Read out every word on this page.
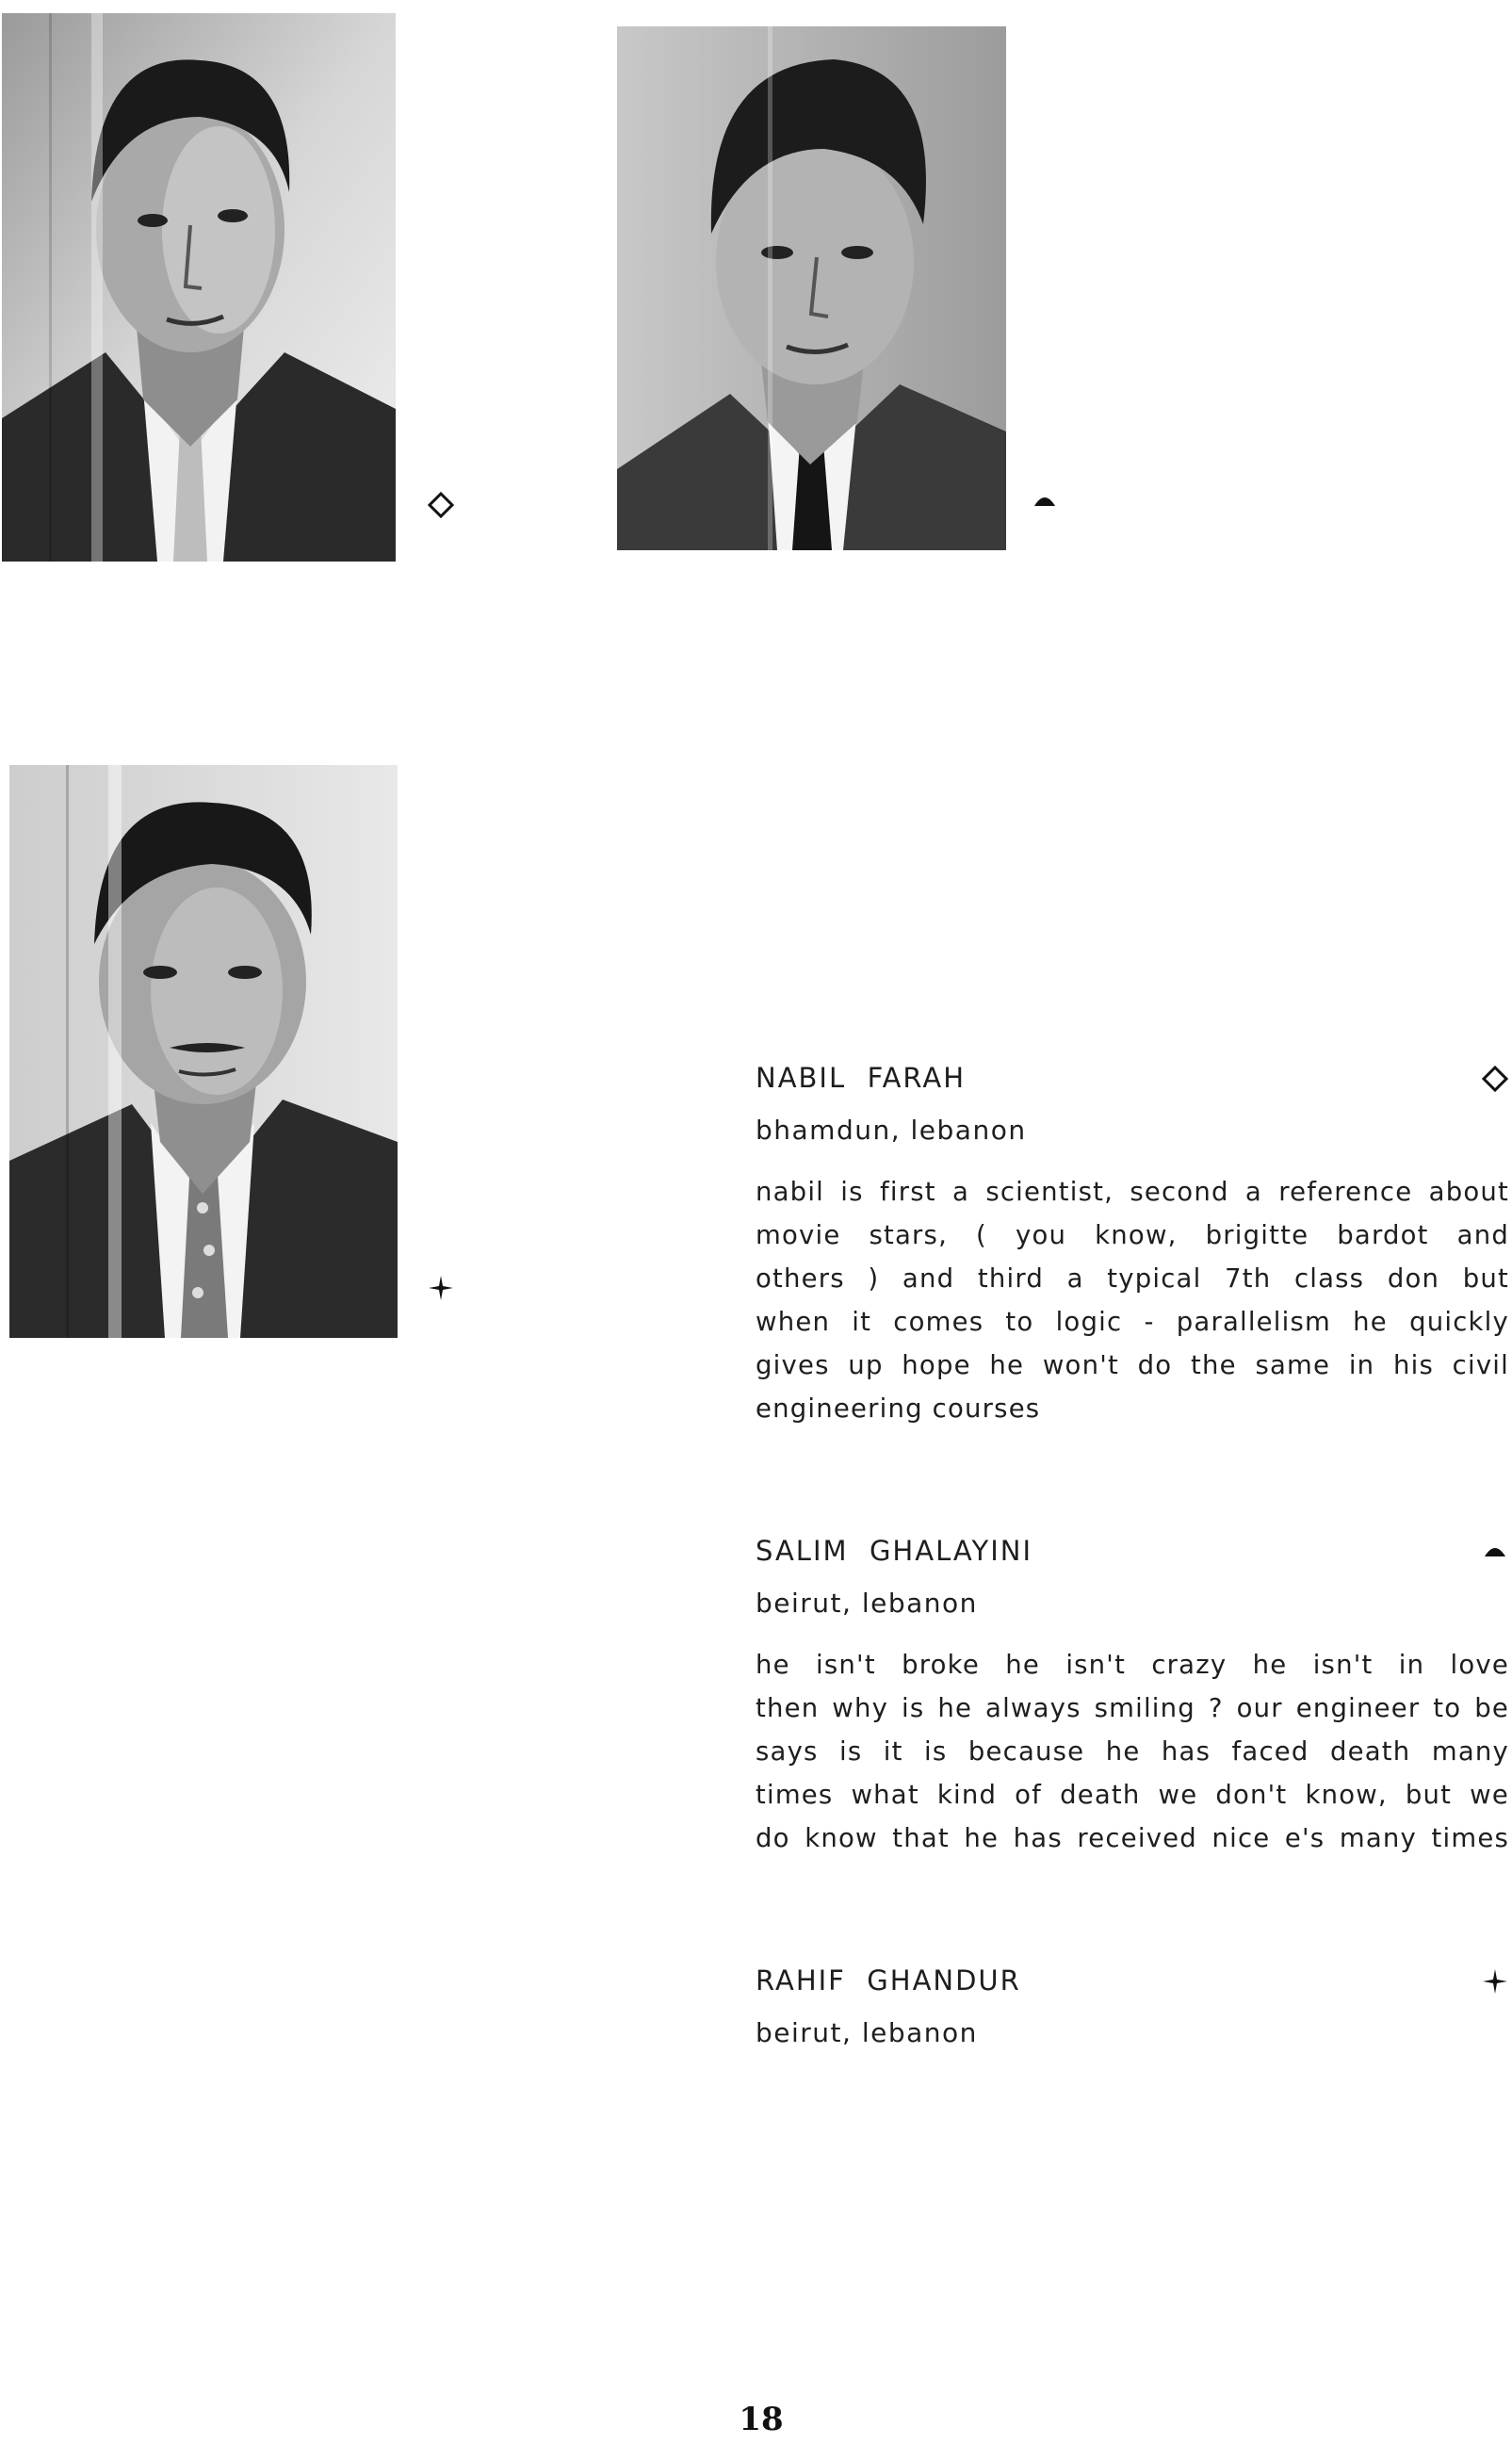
NABIL  FARAH
bhamdun, lebanon
nabil is first a scientist, second a reference about
movie stars, ( you know, brigitte bardot and
others ) and third a typical 7th class don but
when it comes to logic - parallelism he quickly
gives up hope he won't do the same in his civil
engineering courses
SALIM  GHALAYINI
beirut, lebanon
he isn't broke he isn't crazy he isn't in love
then why is he always smiling ? our engineer to be
says is it is because he has faced death many
times what kind of death we don't know, but we
do know that he has received nice e's many times
RAHIF  GHANDUR
beirut, lebanon
18
